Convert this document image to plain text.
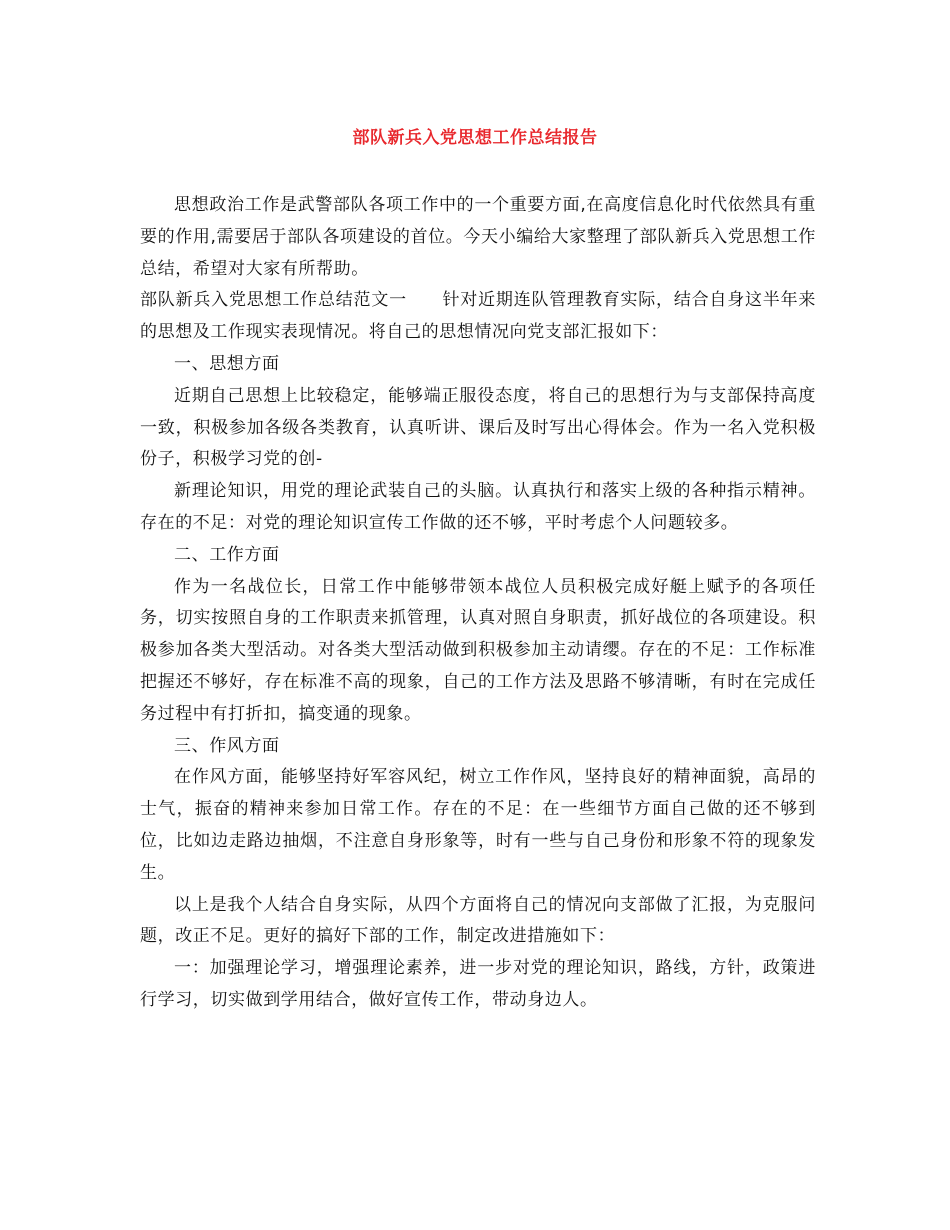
部队新兵入党思想工作总结报告

思想政治工作是武警部队各项工作中的一个重要方面,在高度信息化时代依然具有重要的作用,需要居于部队各项建设的首位。今天小编给大家整理了部队新兵入党思想工作总结，希望对大家有所帮助。

部队新兵入党思想工作总结范文一　　针对近期连队管理教育实际，结合自身这半年来的思想及工作现实表现情况。将自己的思想情况向党支部汇报如下：

一、思想方面

近期自己思想上比较稳定，能够端正服役态度，将自己的思想行为与支部保持高度一致，积极参加各级各类教育，认真听讲、课后及时写出心得体会。作为一名入党积极份子，积极学习党的创-

新理论知识，用党的理论武装自己的头脑。认真执行和落实上级的各种指示精神。存在的不足：对党的理论知识宣传工作做的还不够，平时考虑个人问题较多。

二、工作方面

作为一名战位长，日常工作中能够带领本战位人员积极完成好艇上赋予的各项任务，切实按照自身的工作职责来抓管理，认真对照自身职责，抓好战位的各项建设。积极参加各类大型活动。对各类大型活动做到积极参加主动请缨。存在的不足：工作标准把握还不够好，存在标准不高的现象，自己的工作方法及思路不够清晰，有时在完成任务过程中有打折扣，搞变通的现象。

三、作风方面

在作风方面，能够坚持好军容风纪，树立工作作风，坚持良好的精神面貌，高昂的士气，振奋的精神来参加日常工作。存在的不足：在一些细节方面自己做的还不够到位，比如边走路边抽烟，不注意自身形象等，时有一些与自己身份和形象不符的现象发生。

以上是我个人结合自身实际，从四个方面将自己的情况向支部做了汇报，为克服问题，改正不足。更好的搞好下部的工作，制定改进措施如下：

一：加强理论学习，增强理论素养，进一步对党的理论知识，路线，方针，政策进行学习，切实做到学用结合，做好宣传工作，带动身边人。
